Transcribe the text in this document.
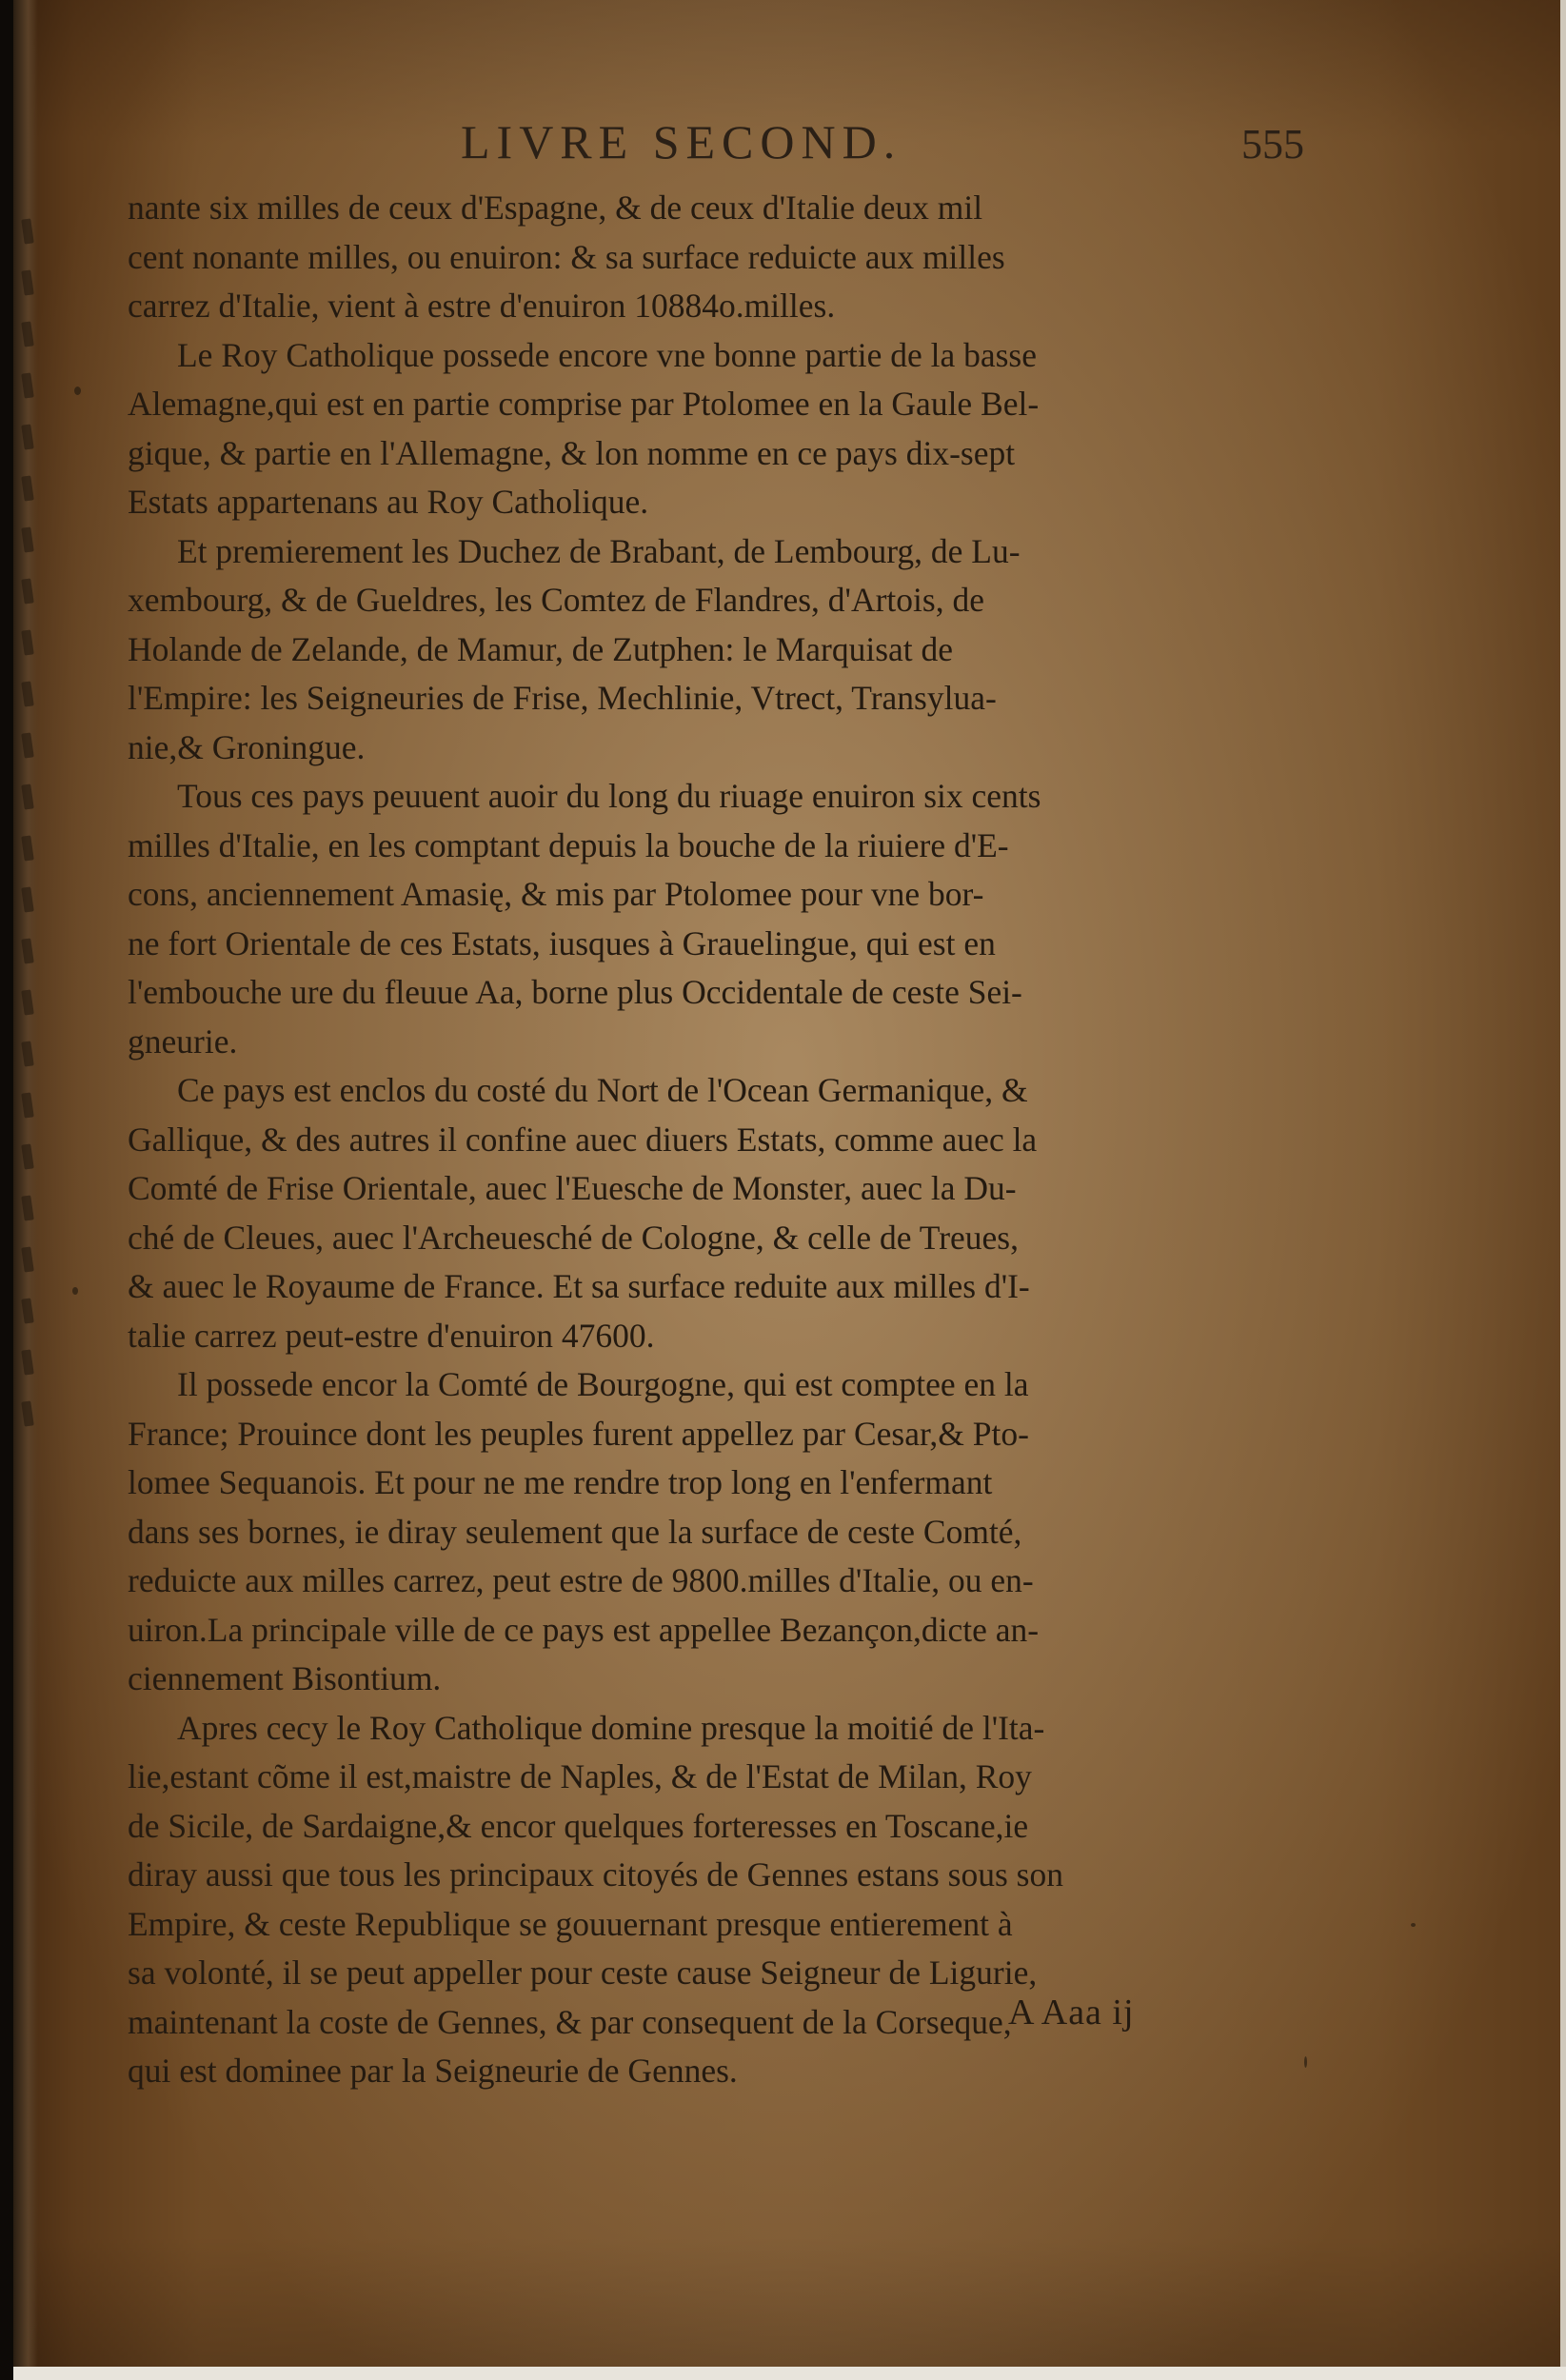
LIVRE SECOND.	555
nante six milles de ceux d'Espagne, & de ceux d'Italie deux mil
cent nonante milles, ou enuiron: & sa surface reduicte aux milles
carrez d'Italie, vient à estre d'enuiron 10884o.milles.
Le Roy Catholique possede encore vne bonne partie de la basse
Alemagne,qui est en partie comprise par Ptolomee en la Gaule Bel-
gique, & partie en l'Allemagne, & lon nomme en ce pays dix-sept
Estats appartenans au Roy Catholique.
Et premierement les Duchez de Brabant, de Lembourg, de Lu-
xembourg, & de Gueldres, les Comtez de Flandres, d'Artois, de
Holande de Zelande, de Mamur, de Zutphen: le Marquisat de
l'Empire: les Seigneuries de Frise, Mechlinie, Vtrect, Transylua-
nie,& Groningue.
Tous ces pays peuuent auoir du long du riuage enuiron six cents
milles d'Italie, en les comptant depuis la bouche de la riuiere d'E-
cons, anciennement Amasię, & mis par Ptolomee pour vne bor-
ne fort Orientale de ces Estats, iusques à Grauelingue, qui est en
l'embouche ure du fleuue Aa, borne plus Occidentale de ceste Sei-
gneurie.
Ce pays est enclos du costé du Nort de l'Ocean Germanique, &
Gallique, & des autres il confine auec diuers Estats, comme auec la
Comté de Frise Orientale, auec l'Euesche de Monster, auec la Du-
ché de Cleues, auec l'Archeuesché de Cologne, & celle de Treues,
& auec le Royaume de France. Et sa surface reduite aux milles d'I-
talie carrez peut-estre d'enuiron 47600.
Il possede encor la Comté de Bourgogne, qui est comptee en la
France; Prouince dont les peuples furent appellez par Cesar,& Pto-
lomee Sequanois. Et pour ne me rendre trop long en l'enfermant
dans ses bornes, ie diray seulement que la surface de ceste Comté,
reduicte aux milles carrez, peut estre de 9800.milles d'Italie, ou en-
uiron.La principale ville de ce pays est appellee Bezançon,dicte an-
ciennement Bisontium.
Apres cecy le Roy Catholique domine presque la moitié de l'Ita-
lie,estant cõme il est,maistre de Naples, & de l'Estat de Milan, Roy
de Sicile, de Sardaigne,& encor quelques forteresses en Toscane,ie
diray aussi que tous les principaux citoyés de Gennes estans sous son
Empire, & ceste Republique se gouuernant presque entierement à
sa volonté, il se peut appeller pour ceste cause Seigneur de Ligurie,
maintenant la coste de Gennes, & par consequent de la Corseque,
qui est dominee par la Seigneurie de Gennes.
A Aaa ij
